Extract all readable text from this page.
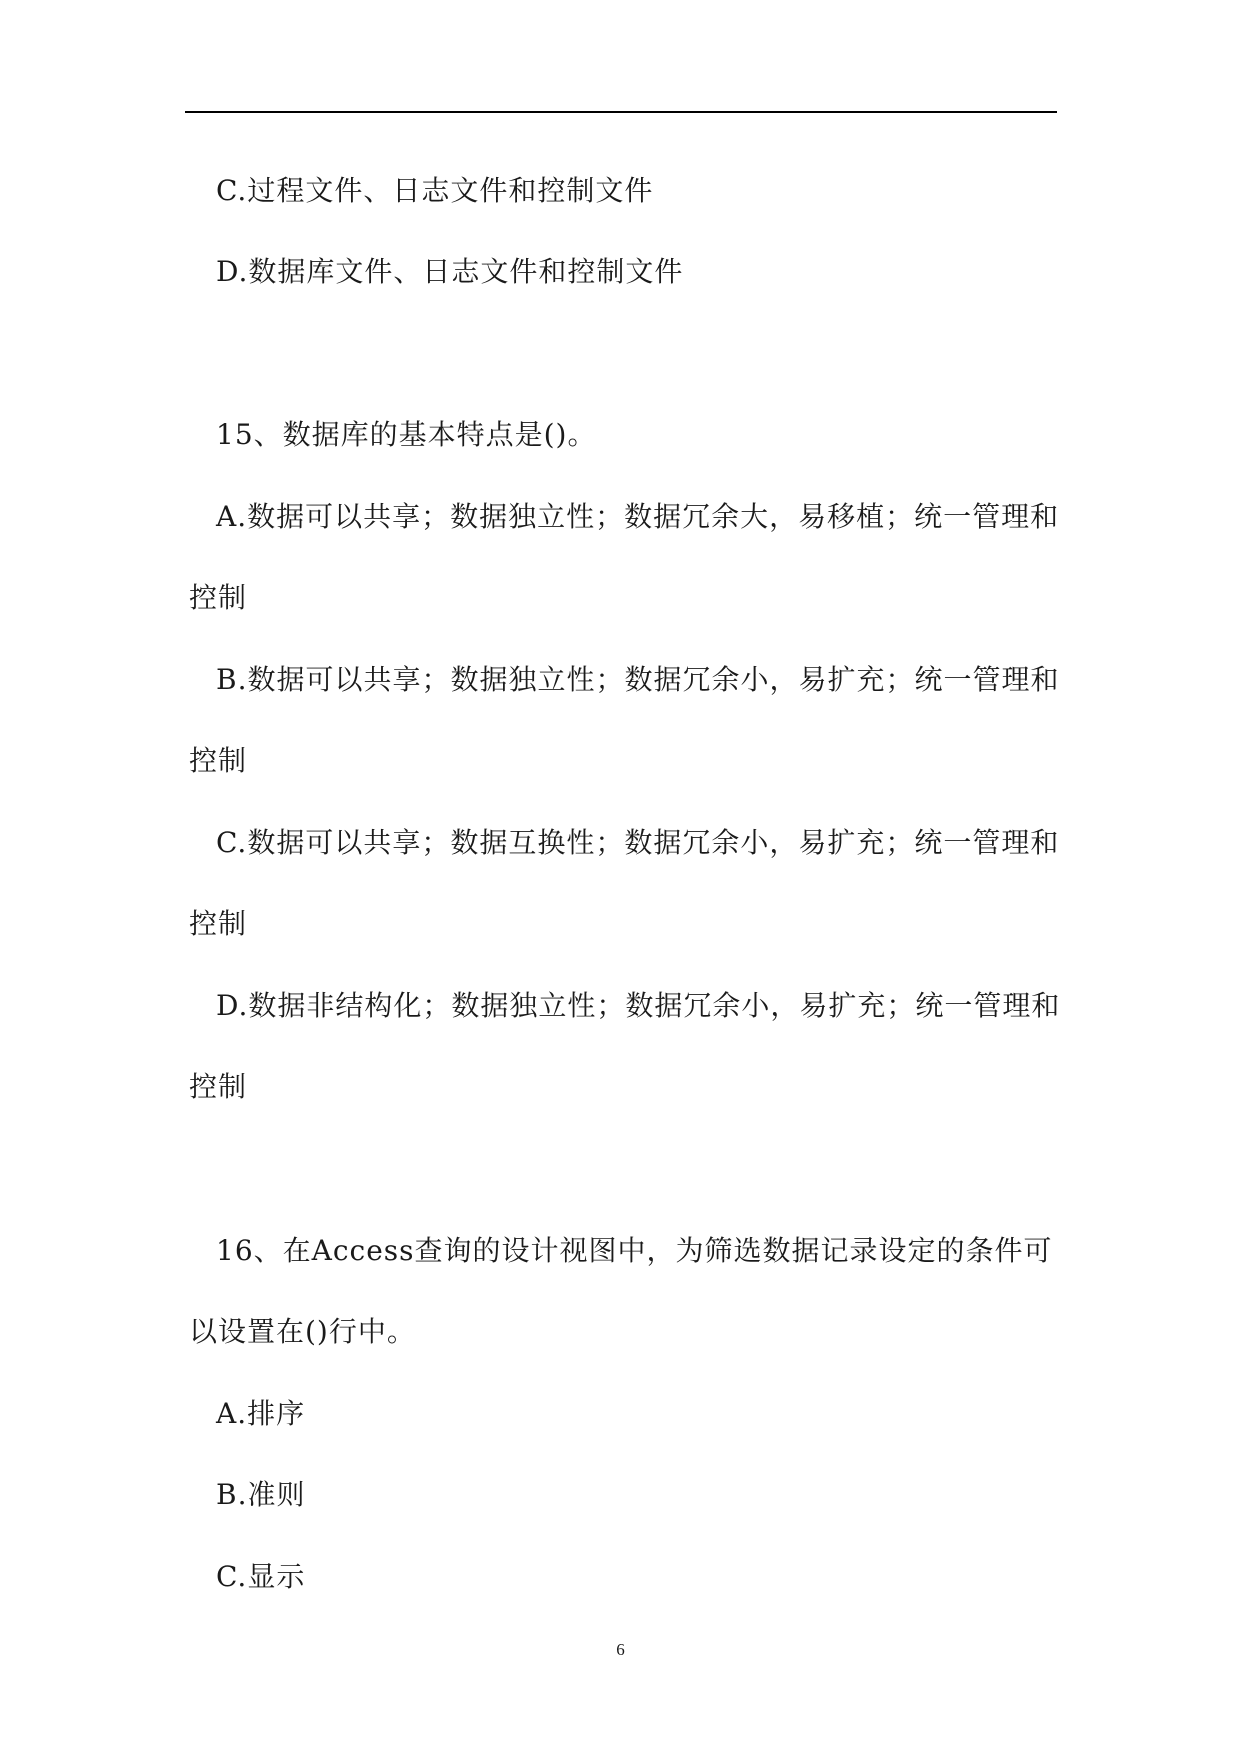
C.过程文件、日志文件和控制文件
D.数据库文件、日志文件和控制文件
15、数据库的基本特点是()。
A.数据可以共享；数据独立性；数据冗余大，易移植；统一管理和
控制
B.数据可以共享；数据独立性；数据冗余小，易扩充；统一管理和
控制
C.数据可以共享；数据互换性；数据冗余小，易扩充；统一管理和
控制
D.数据非结构化；数据独立性；数据冗余小，易扩充；统一管理和
控制
16、在Access查询的设计视图中，为筛选数据记录设定的条件可
以设置在()行中。
A.排序
B.准则
C.显示
6
